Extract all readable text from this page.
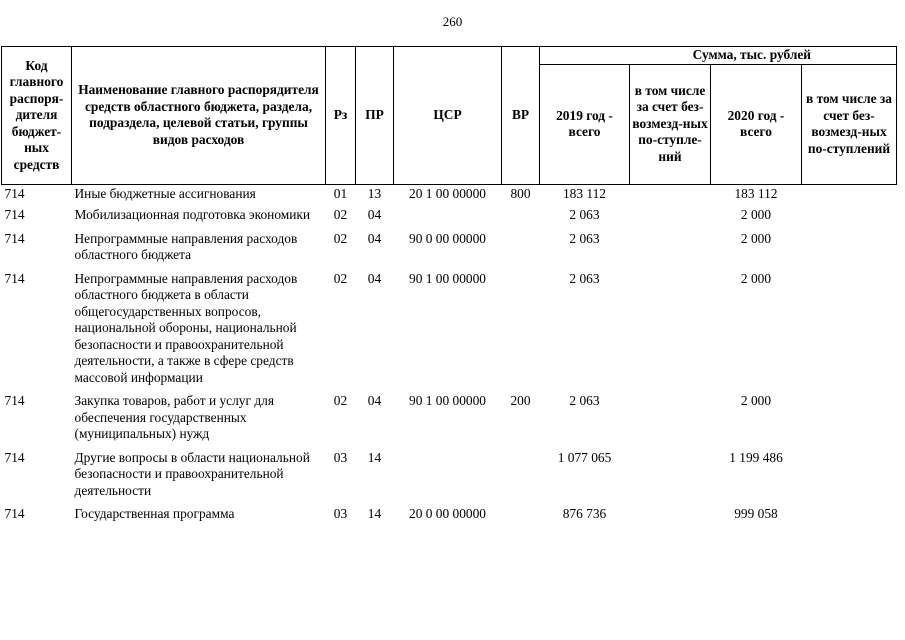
260
Код главного распоря-дителя бюджет-ных средств	Наименование главного распорядителя средств областного бюджета, раздела, подраздела, целевой статьи, группы видов расходов	Рз	ПР	ЦСР	ВР	Сумма, тыс. рублей			
						2019 год - всего	в том числе за счет без-возмезд-ных по-ступле-ний	2020 год - всего	в том числе за счет без-возмезд-ных по-ступлений
714	Иные бюджетные ассигнования	01	13	20 1 00 00000	800	183 112		183 112	
714	Мобилизационная подготовка экономики	02	04			2 063		2 000	
714	Непрограммные направления расходов областного бюджета	02	04	90 0 00 00000		2 063		2 000	
714	Непрограммные направления расходов областного бюджета в области общегосударственных вопросов, национальной обороны, национальной безопасности и правоохранительной деятельности, а также в сфере средств массовой информации	02	04	90 1 00 00000		2 063		2 000	
714	Закупка товаров, работ и услуг для обеспечения государственных (муниципальных) нужд	02	04	90 1 00 00000	200	2 063		2 000	
714	Другие вопросы в области национальной безопасности и правоохранительной деятельности	03	14			1 077 065		1 199 486	
714	Государственная программа	03	14	20 0 00 00000		876 736		999 058	
